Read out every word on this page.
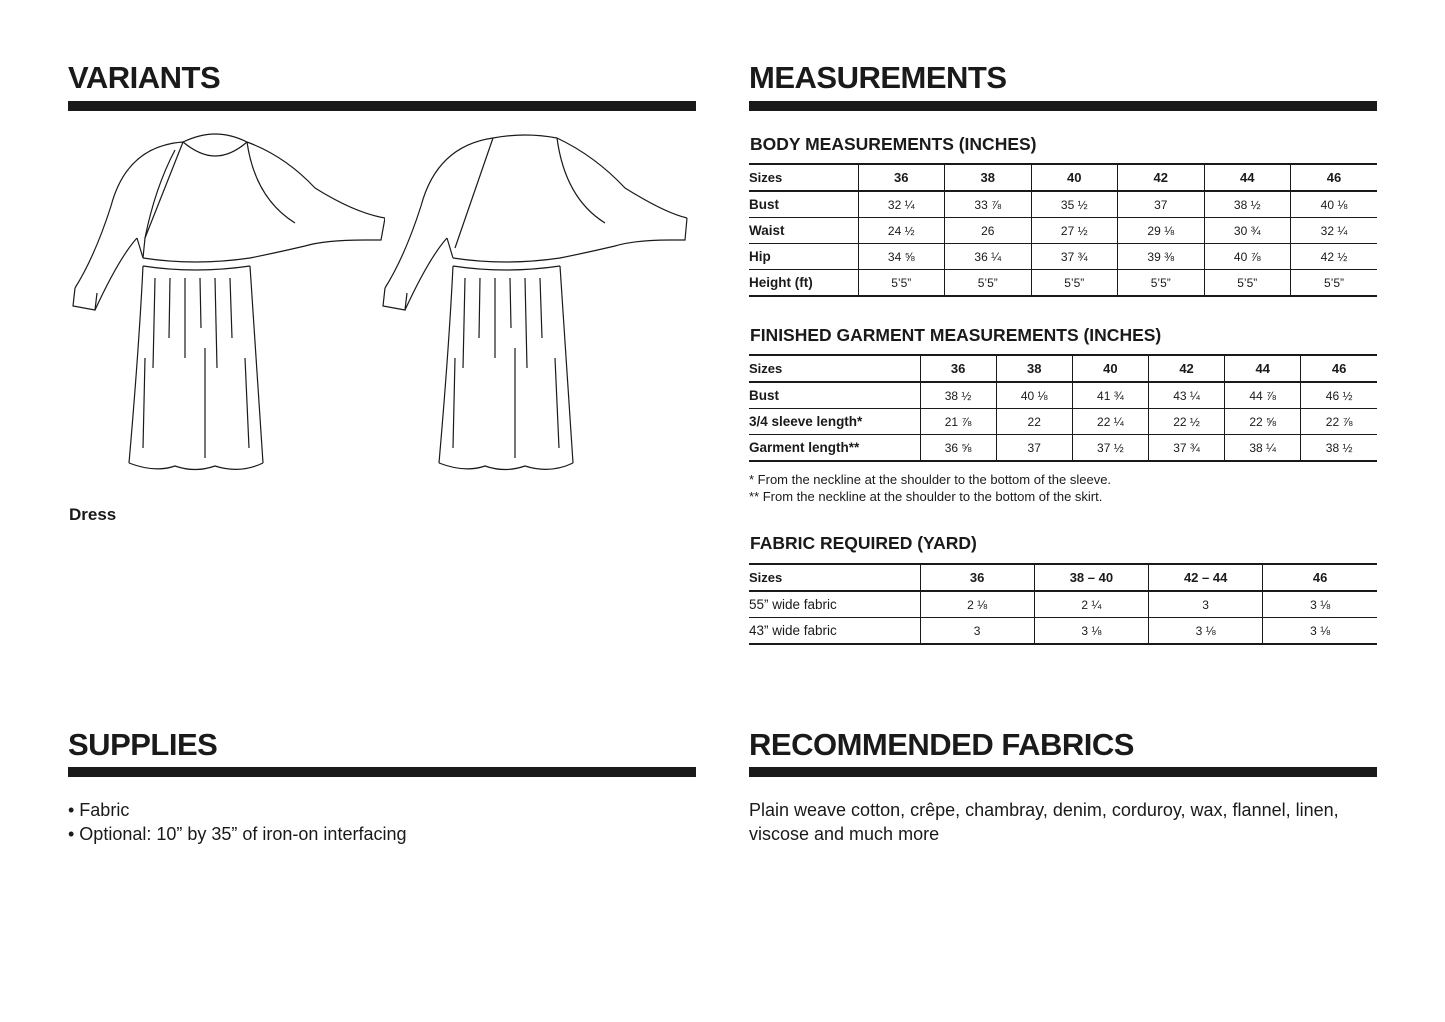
VARIANTS

Dress

MEASUREMENTS
BODY MEASUREMENTS (INCHES)
Sizes	36	38	40	42	44	46
Bust	32 ¼	33 ⅞	35 ½	37	38 ½	40 ⅛
Waist	24 ½	26	27 ½	29 ⅛	30 ¾	32 ¼
Hip	34 ⅝	36 ¼	37 ¾	39 ⅜	40 ⅞	42 ½
Height (ft)	5’5”	5’5”	5’5”	5’5”	5’5”	5’5”
FINISHED GARMENT MEASUREMENTS (INCHES)
Sizes	36	38	40	42	44	46
Bust	38 ½	40 ⅛	41 ¾	43 ¼	44 ⅞	46 ½
3/4 sleeve length*	21 ⅞	22	22 ¼	22 ½	22 ⅝	22 ⅞
Garment length**	36 ⅝	37	37 ½	37 ¾	38 ¼	38 ½

* From the neckline at the shoulder to the bottom of the sleeve.

** From the neckline at the shoulder to the bottom of the skirt.

FABRIC REQUIRED (YARD)
Sizes	36	38 – 40	42 – 44	46
55” wide fabric	2 ⅛	2 ¼	3	3 ⅛
43” wide fabric	3	3 ⅛	3 ⅛	3 ⅛
SUPPLIES
• Fabric
• Optional: 10” by 35” of iron-on interfacing
RECOMMENDED FABRICS

Plain weave cotton, crêpe, chambray, denim, corduroy, wax, flannel, linen, viscose and much more
